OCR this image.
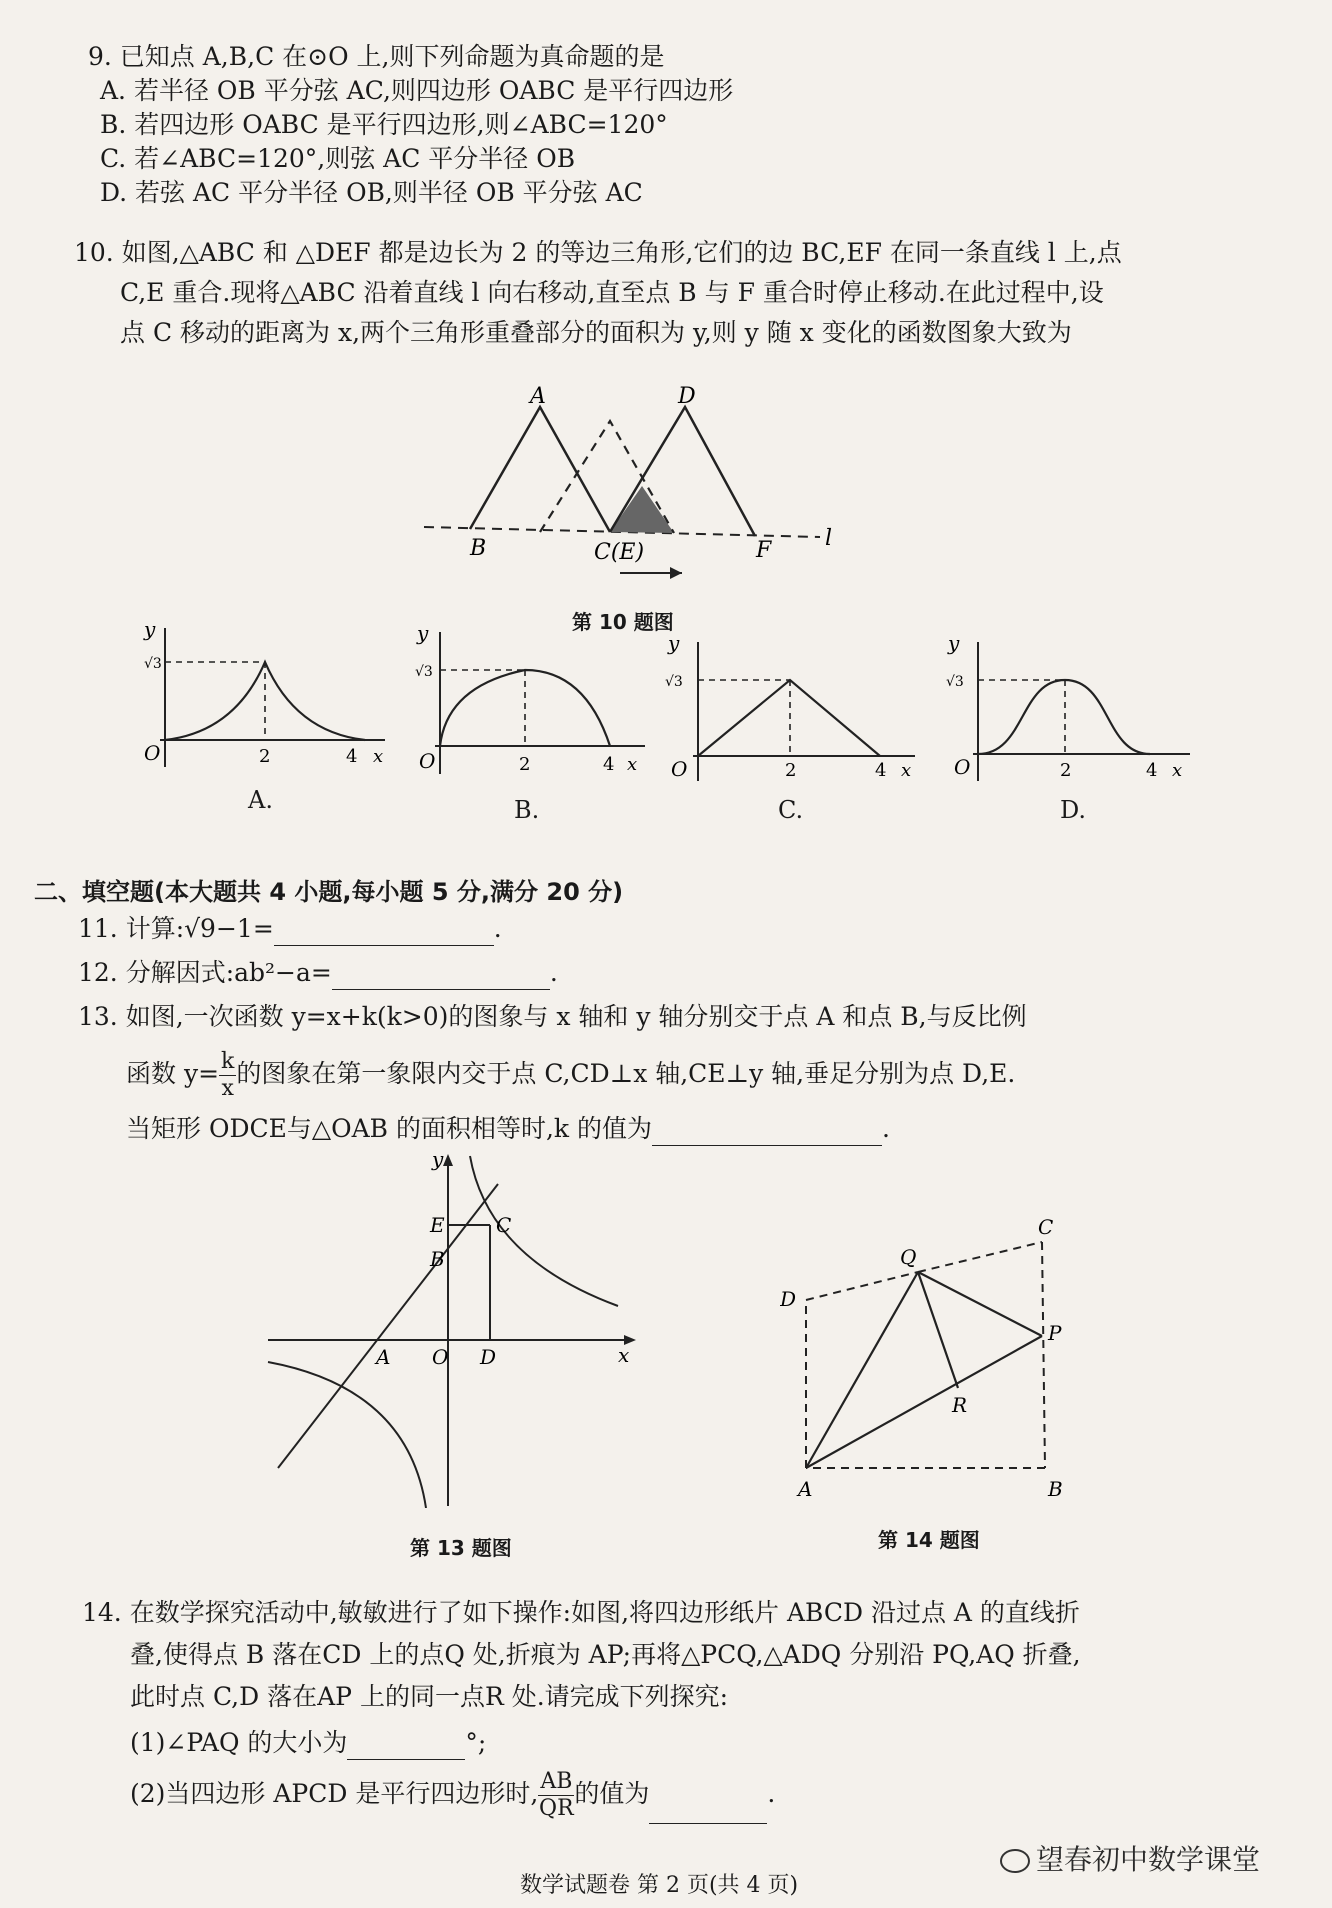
9. 已知点 A,B,C 在⊙O 上,则下列命题为真命题的是
A. 若半径 OB 平分弦 AC,则四边形 OABC 是平行四边形
B. 若四边形 OABC 是平行四边形,则∠ABC=120°
C. 若∠ABC=120°,则弦 AC 平分半径 OB
D. 若弦 AC 平分半径 OB,则半径 OB 平分弦 AC
10. 如图,△ABC 和 △DEF 都是边长为 2 的等边三角形,它们的边 BC,EF 在同一条直线 l 上,点
C,E 重合.现将△ABC 沿着直线 l 向右移动,直至点 B 与 F 重合时停止移动.在此过程中,设
点 C 移动的距离为 x,两个三角形重叠部分的面积为 y,则 y 随 x 变化的函数图象大致为
A	D
B	C(E)	F l
第 10 题图
y
√3
O	2	4 x
A.
y
√3
O	2	4 x
B.
y
√3
O	2	4 x
C.
y
√3
O	2	4 x
D.
二、填空题(本大题共 4 小题,每小题 5 分,满分 20 分)
11. 计算:√9−1=	.
12. 分解因式:ab²−a=	.
13. 如图,一次函数 y=x+k(k>0)的图象与 x 轴和 y 轴分别交于点 A 和点 B,与反比例
函数 $y= \frac{k}{x}$ 的图象在第一象限内交于点 C,CD⊥x 轴,CE⊥y 轴,垂足分别为点 D,E.
当矩形 ODCE与△OAB 的面积相等时,k 的值为	.
y
x
E	C
B
A O D
第 13 题图
A	B
C
D
Q
P
R
第 14 题图
14. 在数学探究活动中,敏敏进行了如下操作:如图,将四边形纸片 ABCD 沿过点 A 的直线折
叠,使得点 B 落在CD 上的点Q 处,折痕为 AP;再将△PCQ,△ADQ 分别沿 PQ,AQ 折叠,
此时点 C,D 落在AP 上的同一点R 处.请完成下列探究:
(1)∠PAQ 的大小为	°;
(2)当四边形 APCD 是平行四边形时, $\frac{AB}{QR}$ 的值为	.
数学试题卷 第 2 页(共 4 页)
望春初中数学课堂
